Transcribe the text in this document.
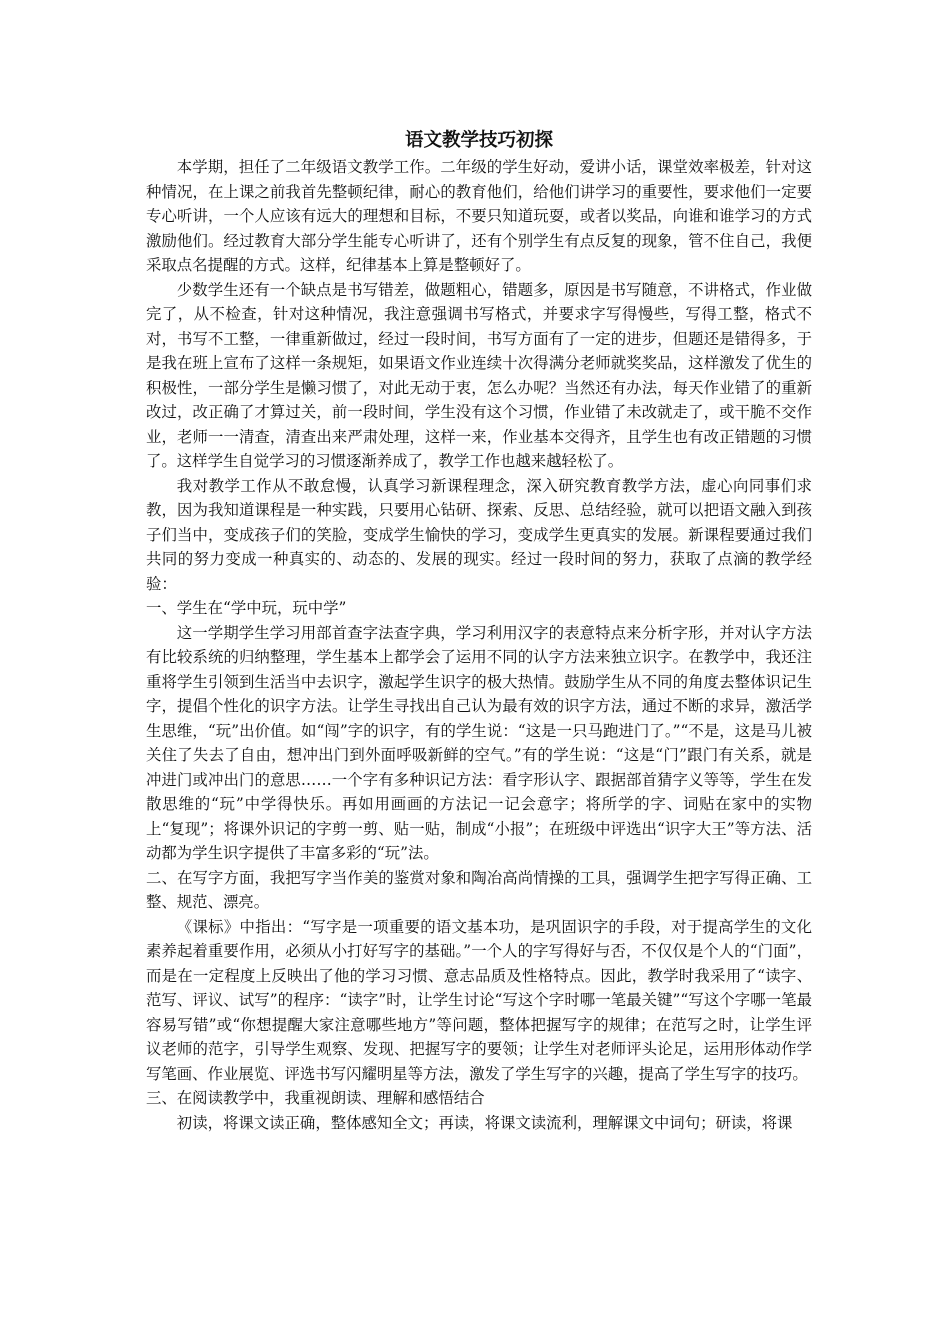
语文教学技巧初探

本学期，担任了二年级语文教学工作。二年级的学生好动，爱讲小话，课堂效率极差，针对这种情况，在上课之前我首先整顿纪律，耐心的教育他们，给他们讲学习的重要性，要求他们一定要专心听讲，一个人应该有远大的理想和目标，不要只知道玩耍，或者以奖品，向谁和谁学习的方式激励他们。经过教育大部分学生能专心听讲了，还有个别学生有点反复的现象，管不住自己，我便采取点名提醒的方式。这样，纪律基本上算是整顿好了。

少数学生还有一个缺点是书写错差，做题粗心，错题多，原因是书写随意，不讲格式，作业做完了，从不检查，针对这种情况，我注意强调书写格式，并要求字写得慢些，写得工整，格式不对，书写不工整，一律重新做过，经过一段时间，书写方面有了一定的进步，但题还是错得多，于是我在班上宣布了这样一条规矩，如果语文作业连续十次得满分老师就奖奖品，这样激发了优生的积极性，一部分学生是懒习惯了，对此无动于衷，怎么办呢？当然还有办法，每天作业错了的重新改过，改正确了才算过关，前一段时间，学生没有这个习惯，作业错了未改就走了，或干脆不交作业，老师一一清查，清查出来严肃处理，这样一来，作业基本交得齐，且学生也有改正错题的习惯了。这样学生自觉学习的习惯逐渐养成了，教学工作也越来越轻松了。

我对教学工作从不敢怠慢，认真学习新课程理念，深入研究教育教学方法，虚心向同事们求教，因为我知道课程是一种实践，只要用心钻研、探索、反思、总结经验，就可以把语文融入到孩子们当中，变成孩子们的笑脸，变成学生愉快的学习，变成学生更真实的发展。新课程要通过我们共同的努力变成一种真实的、动态的、发展的现实。经过一段时间的努力，获取了点滴的教学经验：

一、学生在“学中玩，玩中学”

这一学期学生学习用部首查字法查字典，学习利用汉字的表意特点来分析字形，并对认字方法有比较系统的归纳整理，学生基本上都学会了运用不同的认字方法来独立识字。在教学中，我还注重将学生引领到生活当中去识字，激起学生识字的极大热情。鼓励学生从不同的角度去整体识记生字，提倡个性化的识字方法。让学生寻找出自己认为最有效的识字方法，通过不断的求异，激活学生思维，“玩”出价值。如“闯”字的识字，有的学生说：“这是一只马跑进门了。”“不是，这是马儿被关住了失去了自由，想冲出门到外面呼吸新鲜的空气。”有的学生说：“这是“门”跟门有关系，就是冲进门或冲出门的意思……一个字有多种识记方法：看字形认字、跟据部首猜字义等等，学生在发散思维的“玩”中学得快乐。再如用画画的方法记一记会意字；将所学的字、词贴在家中的实物上“复现”；将课外识记的字剪一剪、贴一贴，制成“小报”；在班级中评选出“识字大王”等方法、活动都为学生识字提供了丰富多彩的“玩”法。

二、在写字方面，我把写字当作美的鉴赏对象和陶冶高尚情操的工具，强调学生把字写得正确、工整、规范、漂亮。

《课标》中指出：“写字是一项重要的语文基本功，是巩固识字的手段，对于提高学生的文化素养起着重要作用，必须从小打好写字的基础。”一个人的字写得好与否，不仅仅是个人的“门面”，而是在一定程度上反映出了他的学习习惯、意志品质及性格特点。因此，教学时我采用了“读字、范写、评议、试写”的程序：“读字”时，让学生讨论“写这个字时哪一笔最关键”“写这个字哪一笔最容易写错”或“你想提醒大家注意哪些地方”等问题，整体把握写字的规律；在范写之时，让学生评议老师的范字，引导学生观察、发现、把握写字的要领；让学生对老师评头论足，运用形体动作学写笔画、作业展览、评选书写闪耀明星等方法，激发了学生写字的兴趣，提高了学生写字的技巧。

三、在阅读教学中，我重视朗读、理解和感悟结合

初读，将课文读正确，整体感知全文；再读，将课文读流利，理解课文中词句；研读，将课
